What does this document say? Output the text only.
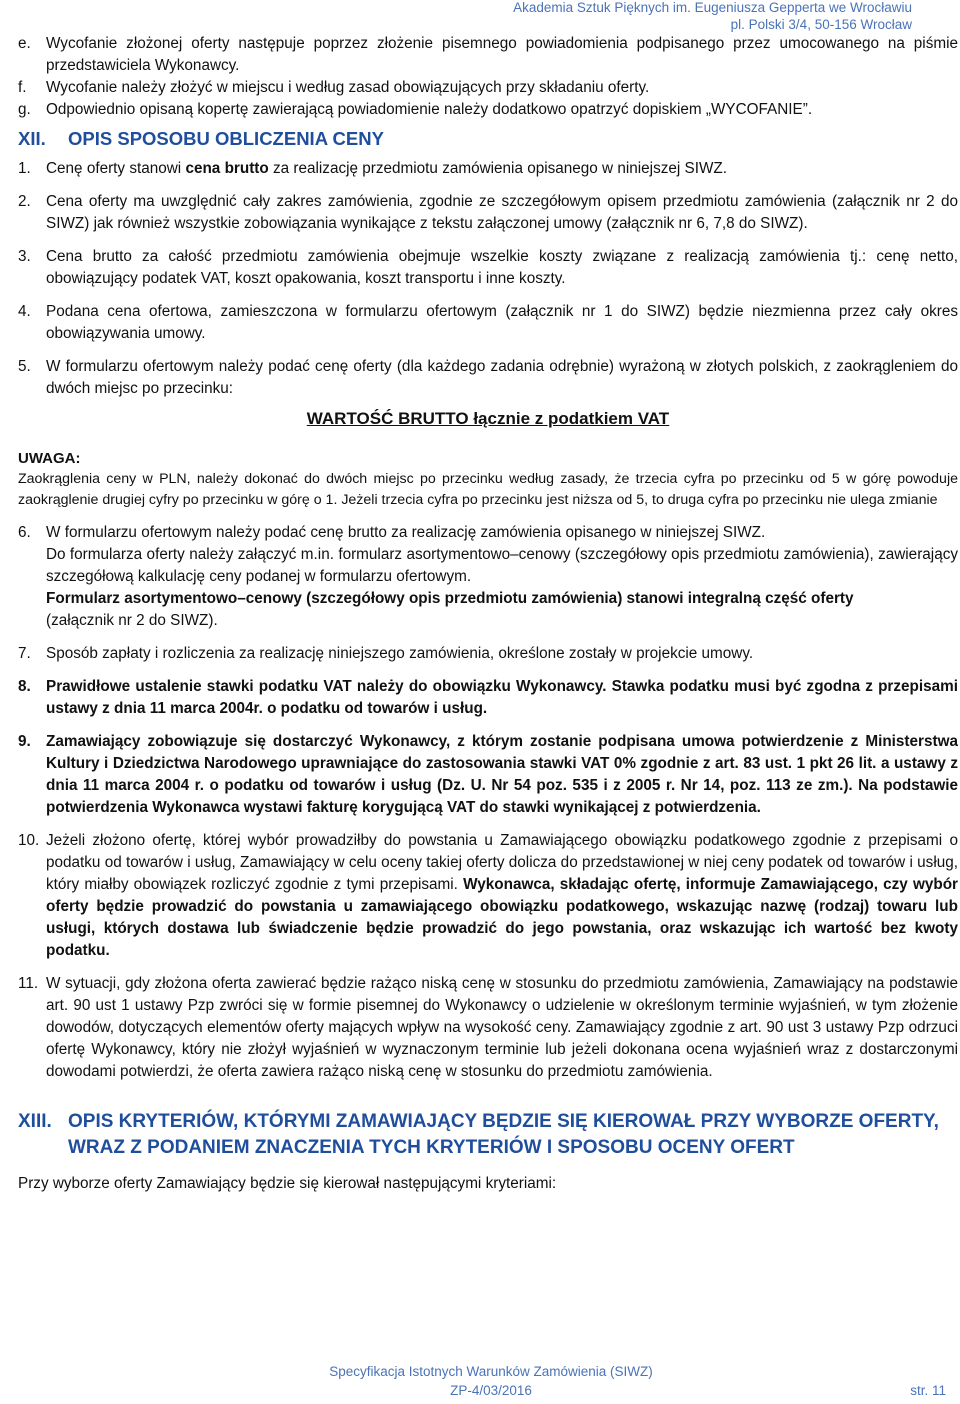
Akademia Sztuk Pięknych im. Eugeniusza Gepperta we Wrocławiu
pl. Polski 3/4, 50-156 Wrocław
e. Wycofanie złożonej oferty następuje poprzez złożenie pisemnego powiadomienia podpisanego przez umocowanego na piśmie przedstawiciela Wykonawcy.
f.	Wycofanie należy złożyć w miejscu i według zasad obowiązujących przy składaniu oferty.
g. Odpowiednio opisaną kopertę zawierającą powiadomienie należy dodatkowo opatrzyć dopiskiem „WYCOFANIE”.
XII.	OPIS SPOSOBU OBLICZENIA CENY
1. Cenę oferty stanowi cena brutto za realizację przedmiotu zamówienia opisanego w niniejszej SIWZ.
2. Cena oferty ma uwzględnić cały zakres zamówienia, zgodnie ze szczegółowym opisem przedmiotu zamówienia (załącznik nr 2 do SIWZ) jak również wszystkie zobowiązania wynikające z tekstu załączonej umowy (załącznik nr 6, 7,8 do SIWZ).
3. Cena brutto za całość przedmiotu zamówienia obejmuje wszelkie koszty związane z realizacją zamówienia tj.: cenę netto, obowiązujący podatek VAT, koszt opakowania, koszt transportu i inne koszty.
4. Podana cena ofertowa, zamieszczona w formularzu ofertowym (załącznik nr 1 do SIWZ) będzie niezmienna przez cały okres obowiązywania umowy.
5. W formularzu ofertowym należy podać cenę oferty (dla każdego zadania odrębnie) wyrażoną w złotych polskich, z zaokrągleniem do dwóch miejsc po przecinku:
WARTOŚĆ BRUTTO łącznie z podatkiem VAT
UWAGA:
Zaokrąglenia ceny w PLN, należy dokonać do dwóch miejsc po przecinku według zasady, że trzecia cyfra po przecinku od 5 w górę powoduje zaokrąglenie drugiej cyfry po przecinku w górę o 1. Jeżeli trzecia cyfra po przecinku jest niższa od 5, to druga cyfra po przecinku nie ulega zmianie
6. W formularzu ofertowym należy podać cenę brutto za realizację zamówienia opisanego w niniejszej SIWZ.
Do formularza oferty należy załączyć m.in. formularz asortymentowo–cenowy (szczegółowy opis przedmiotu zamówienia), zawierający szczegółową kalkulację ceny podanej w formularzu ofertowym.
Formularz asortymentowo–cenowy (szczegółowy opis przedmiotu zamówienia) stanowi integralną część oferty
(załącznik nr 2 do SIWZ).
7. Sposób zapłaty i rozliczenia za realizację niniejszego zamówienia, określone zostały w projekcie umowy.
8. Prawidłowe ustalenie stawki podatku VAT należy do obowiązku Wykonawcy. Stawka podatku musi być zgodna z przepisami ustawy z dnia 11 marca 2004r. o podatku od towarów i usług.
9. Zamawiający zobowiązuje się dostarczyć Wykonawcy, z którym zostanie podpisana umowa potwierdzenie z Ministerstwa Kultury i Dziedzictwa Narodowego uprawniające do zastosowania stawki VAT 0% zgodnie z art. 83 ust. 1 pkt 26 lit. a ustawy z dnia 11 marca 2004 r. o podatku od towarów i usług (Dz. U. Nr 54 poz. 535 i z 2005 r. Nr 14, poz. 113 ze zm.). Na podstawie potwierdzenia Wykonawca wystawi fakturę korygującą VAT do stawki wynikającej z potwierdzenia.
10. Jeżeli złożono ofertę, której wybór prowadziłby do powstania u Zamawiającego obowiązku podatkowego zgodnie z przepisami o podatku od towarów i usług, Zamawiający w celu oceny takiej oferty dolicza do przedstawionej w niej ceny podatek od towarów i usług, który miałby obowiązek rozliczyć zgodnie z tymi przepisami. Wykonawca, składając ofertę, informuje Zamawiającego, czy wybór oferty będzie prowadzić do powstania u zamawiającego obowiązku podatkowego, wskazując nazwę (rodzaj) towaru lub usługi, których dostawa lub świadczenie będzie prowadzić do jego powstania, oraz wskazując ich wartość bez kwoty podatku.
11. W sytuacji, gdy złożona oferta zawierać będzie rażąco niską cenę w stosunku do przedmiotu zamówienia, Zamawiający na podstawie art. 90 ust 1 ustawy Pzp zwróci się w formie pisemnej do Wykonawcy o udzielenie w określonym terminie wyjaśnień, w tym złożenie dowodów, dotyczących elementów oferty mających wpływ na wysokość ceny. Zamawiający zgodnie z art. 90 ust 3 ustawy Pzp odrzuci ofertę Wykonawcy, który nie złożył wyjaśnień w wyznaczonym terminie lub jeżeli dokonana ocena wyjaśnień wraz z dostarczonymi dowodami potwierdzi, że oferta zawiera rażąco niską cenę w stosunku do przedmiotu zamówienia.
XIII. OPIS KRYTERIÓW, KTÓRYMI ZAMAWIAJĄCY BĘDZIE SIĘ KIEROWAŁ PRZY WYBORZE OFERTY, WRAZ Z PODANIEM ZNACZENIA TYCH KRYTERIÓW I SPOSOBU OCENY OFERT
Przy wyborze oferty Zamawiający będzie się kierował następującymi kryteriami:
Specyfikacja Istotnych Warunków Zamówienia (SIWZ)
ZP-4/03/2016	str. 11
